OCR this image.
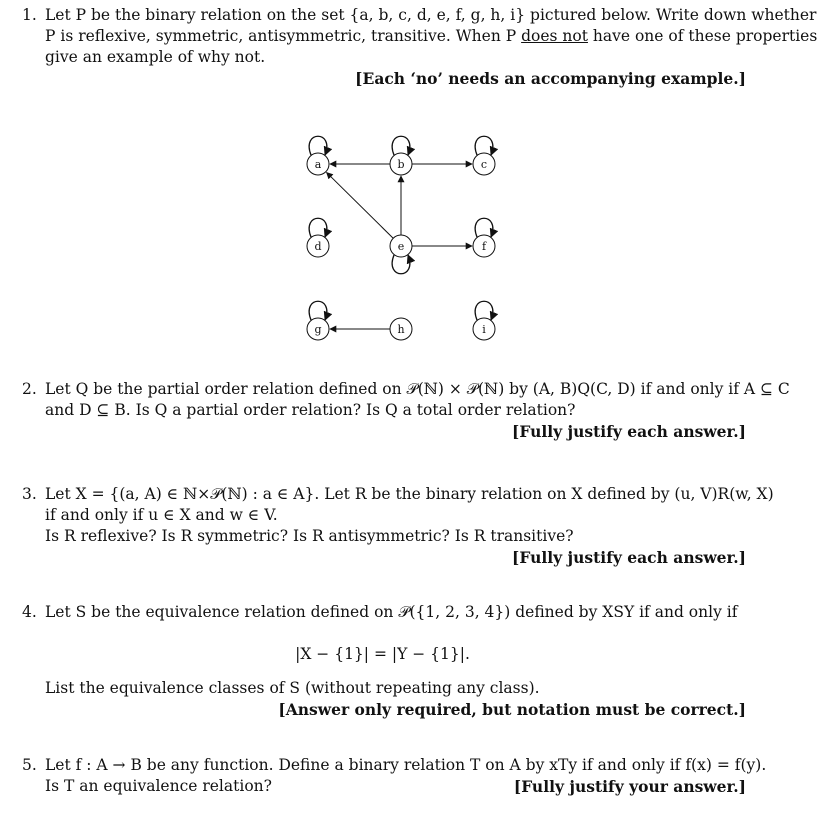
1. Let P be the binary relation on the set {a, b, c, d, e, f, g, h, i} pictured below. Write down whether
P is reflexive, symmetric, antisymmetric, transitive. When P does not have one of these properties
give an example of why not.
[Each ‘no’ needs an accompanying example.]
a	b	c
d	e	f
g	h	i
2. Let Q be the partial order relation defined on 𝒫(ℕ) × 𝒫(ℕ) by (A, B)Q(C, D) if and only if A ⊆ C
and D ⊆ B. Is Q a partial order relation? Is Q a total order relation?
[Fully justify each answer.]
3. Let X = {(a, A) ∈ ℕ×𝒫(ℕ) : a ∈ A}. Let R be the binary relation on X defined by (u, V)R(w, X)
if and only if u ∈ X and w ∈ V.
Is R reflexive? Is R symmetric? Is R antisymmetric? Is R transitive?
[Fully justify each answer.]
4. Let S be the equivalence relation defined on 𝒫({1, 2, 3, 4}) defined by XSY if and only if
|X − {1}| = |Y − {1}|.
List the equivalence classes of S (without repeating any class).
[Answer only required, but notation must be correct.]
5. Let f : A → B be any function. Define a binary relation T on A by xTy if and only if f(x) = f(y).
Is T an equivalence relation?	[Fully justify your answer.]
